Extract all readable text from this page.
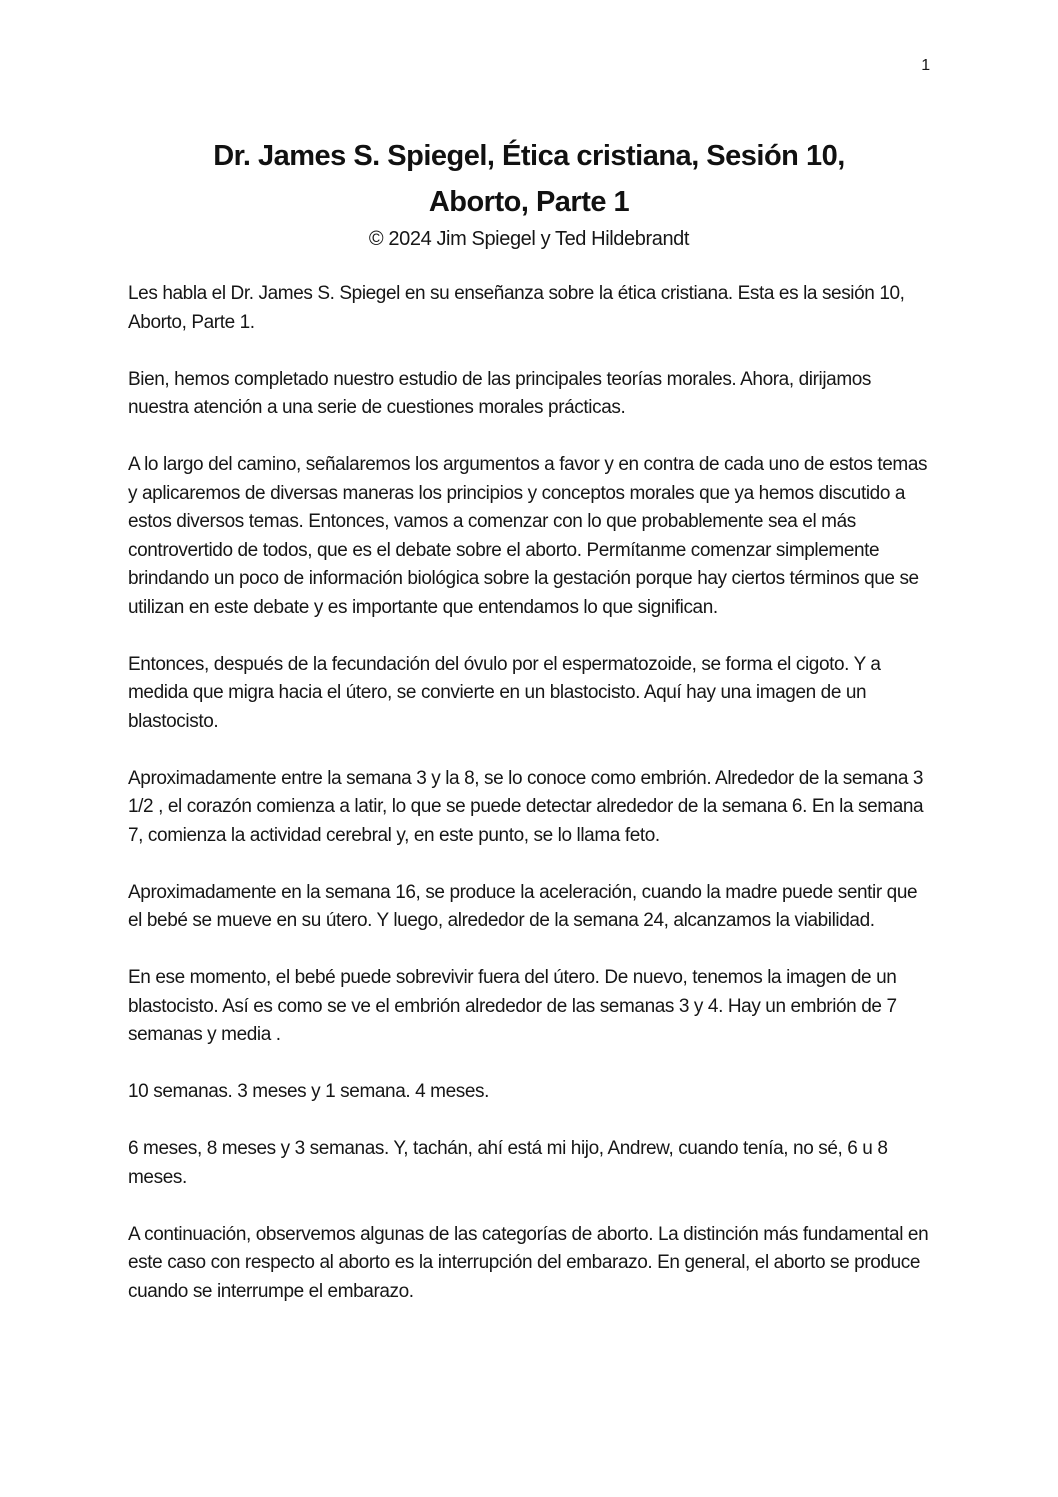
1
Dr. James S. Spiegel, Ética cristiana, Sesión 10,
Aborto, Parte 1
© 2024 Jim Spiegel y Ted Hildebrandt

Les habla el Dr. James S. Spiegel en su enseñanza sobre la ética cristiana. Esta es la sesión 10, Aborto, Parte 1.

Bien, hemos completado nuestro estudio de las principales teorías morales. Ahora, dirijamos nuestra atención a una serie de cuestiones morales prácticas.

A lo largo del camino, señalaremos los argumentos a favor y en contra de cada uno de estos temas y aplicaremos de diversas maneras los principios y conceptos morales que ya hemos discutido a estos diversos temas. Entonces, vamos a comenzar con lo que probablemente sea el más controvertido de todos, que es el debate sobre el aborto. Permítanme comenzar simplemente brindando un poco de información biológica sobre la gestación porque hay ciertos términos que se utilizan en este debate y es importante que entendamos lo que significan.

Entonces, después de la fecundación del óvulo por el espermatozoide, se forma el cigoto. Y a medida que migra hacia el útero, se convierte en un blastocisto. Aquí hay una imagen de un blastocisto.

Aproximadamente entre la semana 3 y la 8, se lo conoce como embrión. Alrededor de la semana 3 1/2 , el corazón comienza a latir, lo que se puede detectar alrededor de la semana 6. En la semana 7, comienza la actividad cerebral y, en este punto, se lo llama feto.

Aproximadamente en la semana 16, se produce la aceleración, cuando la madre puede sentir que el bebé se mueve en su útero. Y luego, alrededor de la semana 24, alcanzamos la viabilidad.

En ese momento, el bebé puede sobrevivir fuera del útero. De nuevo, tenemos la imagen de un blastocisto. Así es como se ve el embrión alrededor de las semanas 3 y 4. Hay un embrión de 7 semanas y media .

10 semanas. 3 meses y 1 semana. 4 meses.

6 meses, 8 meses y 3 semanas. Y, tachán, ahí está mi hijo, Andrew, cuando tenía, no sé, 6 u 8 meses.

A continuación, observemos algunas de las categorías de aborto. La distinción más fundamental en este caso con respecto al aborto es la interrupción del embarazo. En general, el aborto se produce cuando se interrumpe el embarazo.
